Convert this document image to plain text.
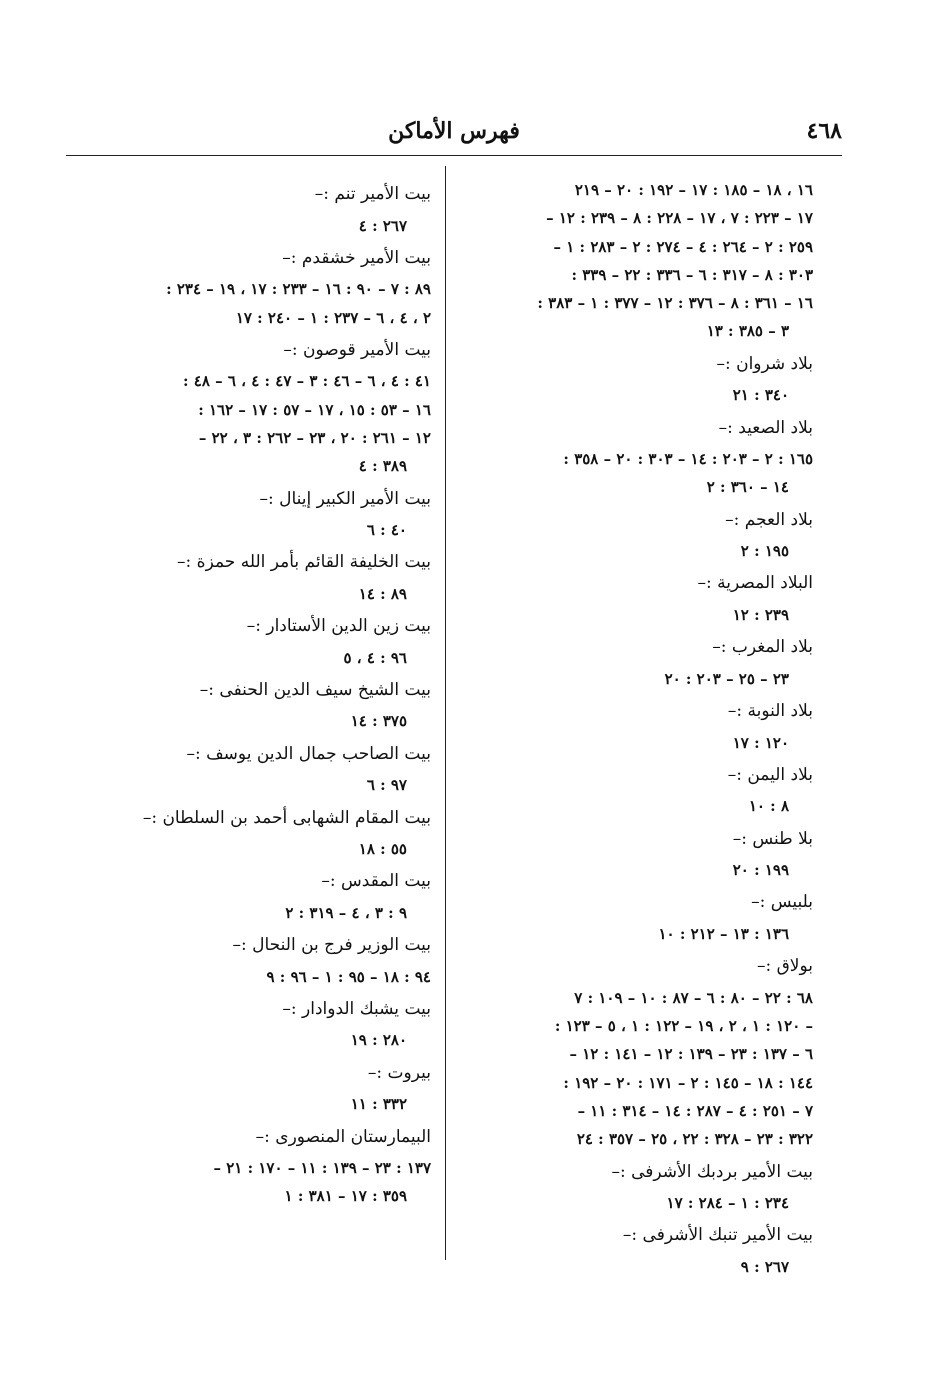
٤٦٨
فهرس الأماكن
١٦ ، ١٨ – ١٨٥ : ١٧ – ١٩٢ : ٢٠ – ٢١٩
١٧ – ٢٢٣ : ٧ ، ١٧ – ٢٢٨ : ٨ – ٢٣٩ : ١٢ –
٢٥٩ : ٢ – ٢٦٤ : ٤ – ٢٧٤ : ٢ – ٢٨٣ : ١ –
٣٠٣ : ٨ – ٣١٧ : ٦ – ٣٣٦ : ٢٢ – ٣٣٩ :
١٦ – ٣٦١ : ٨ – ٣٧٦ : ١٢ – ٣٧٧ : ١ – ٣٨٣ :
٣ – ٣٨٥ : ١٣
بلاد شروان :–
٣٤٠ : ٢١
بلاد الصعيد :–
١٦٥ : ٢ – ٢٠٣ : ١٤ – ٣٠٣ : ٢٠ – ٣٥٨ :
١٤ – ٣٦٠ : ٢
بلاد العجم :–
١٩٥ : ٢
البلاد المصرية :–
٢٣٩ : ١٢
بلاد المغرب :–
٢٣ – ٢٥ – ٢٠٣ : ٢٠
بلاد النوبة :–
١٢٠ : ١٧
بلاد اليمن :–
٨ : ١٠
بلا طنس :–
١٩٩ : ٢٠
بلبيس :–
١٣٦ : ١٣ – ٢١٢ : ١٠
بولاق :–
٦٨ : ٢٢ – ٨٠ : ٦ – ٨٧ : ١٠ – ١٠٩ : ٧
– ١٢٠ : ١ ، ٢ ، ١٩ – ١٢٢ : ١ ، ٥ – ١٢٣ :
٦ – ١٣٧ : ٢٣ – ١٣٩ : ١٢ – ١٤١ : ١٢ –
١٤٤ : ١٨ – ١٤٥ : ٢ – ١٧١ : ٢٠ – ١٩٢ :
٧ – ٢٥١ : ٤ – ٢٨٧ : ١٤ – ٣١٤ : ١١ –
٣٢٢ : ٢٣ – ٣٢٨ : ٢٢ ، ٢٥ – ٣٥٧ : ٢٤
بيت الأمير بردبك الأشرفى :–
٢٣٤ : ١ – ٢٨٤ : ١٧
بيت الأمير تنبك الأشرفى :–
٢٦٧ : ٩
بيت الأمير تنم :–
٢٦٧ : ٤
بيت الأمير خشقدم :–
٨٩ : ٧ – ٩٠ : ١٦ – ٢٣٣ : ١٧ ، ١٩ – ٢٣٤ :
٢ ، ٤ ، ٦ – ٢٣٧ : ١ – ٢٤٠ : ١٧
بيت الأمير قوصون :–
٤١ : ٤ ، ٦ – ٤٦ : ٣ – ٤٧ : ٤ ، ٦ – ٤٨ :
١٦ – ٥٣ : ١٥ ، ١٧ – ٥٧ : ١٧ – ١٦٢ :
١٢ – ٢٦١ : ٢٠ ، ٢٣ – ٢٦٢ : ٣ ، ٢٢ –
٣٨٩ : ٤
بيت الأمير الكبير إينال :–
٤٠ : ٦
بيت الخليفة القائم بأمر الله حمزة :–
٨٩ : ١٤
بيت زين الدين الأستادار :–
٩٦ : ٤ ، ٥
بيت الشيخ سيف الدين الحنفى :–
٣٧٥ : ١٤
بيت الصاحب جمال الدين يوسف :–
٩٧ : ٦
بيت المقام الشهابى أحمد بن السلطان :–
٥٥ : ١٨
بيت المقدس :–
٩ : ٣ ، ٤ – ٣١٩ : ٢
بيت الوزير فرج بن النحال :–
٩٤ : ١٨ – ٩٥ : ١ – ٩٦ : ٩
بيت يشبك الدوادار :–
٢٨٠ : ١٩
بيروت :–
٣٣٢ : ١١
البيمارستان المنصورى :–
١٣٧ : ٢٣ – ١٣٩ : ١١ – ١٧٠ : ٢١ –
٣٥٩ : ١٧ – ٣٨١ : ١
